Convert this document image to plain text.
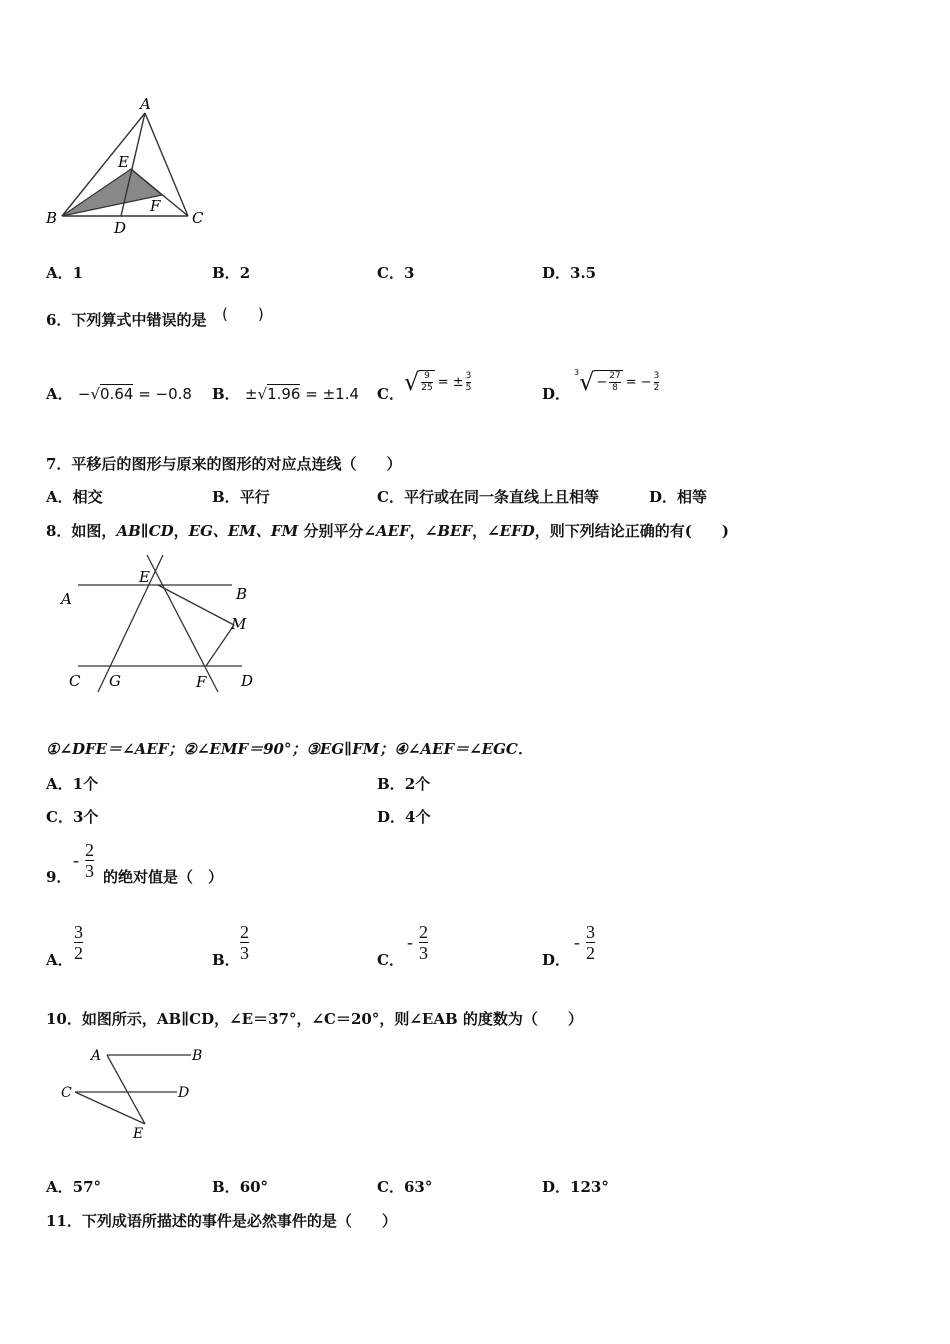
A
B	C
D
E
F
A．1	B．2	C．3	D．3.5
6．下列算式中错误的是 (　　)
A． −√0.64 = −0.8 B． ±√1.96 = ±1.4 C． √ 9
25 = ± 3
5	D．
3 √ − 27
8 = − 3
2
7．平移后的图形与原来的图形的对应点连线（　　）
A．相交	B．平行	C．平行或在同一条直线上且相等	D．相等
8．如图，AB∥CD，EG、EM、FM 分别平分∠AEF，∠BEF，∠EFD，则下列结论正确的有(　　)
A	B
E
M
C G	F D
①∠DFE＝∠AEF；②∠EMF＝90°；③EG∥FM；④∠AEF＝∠EGC．
A．1个	B．2个
C．3个	D．4个
9．
- $\frac{2}{3}$ 的绝对值是（　）
A． $\frac{3}{2}$	B． $\frac{2}{3}$	C．
- $\frac{2}{3}$	D．
- $\frac{3}{2}$
10．如图所示，AB∥CD，∠E＝37°，∠C＝20°，则∠EAB 的度数为（　　）
A	B
C	D
E
A．57°	B．60°	C．63°	D．123°
11．下列成语所描述的事件是必然事件的是（　　）
